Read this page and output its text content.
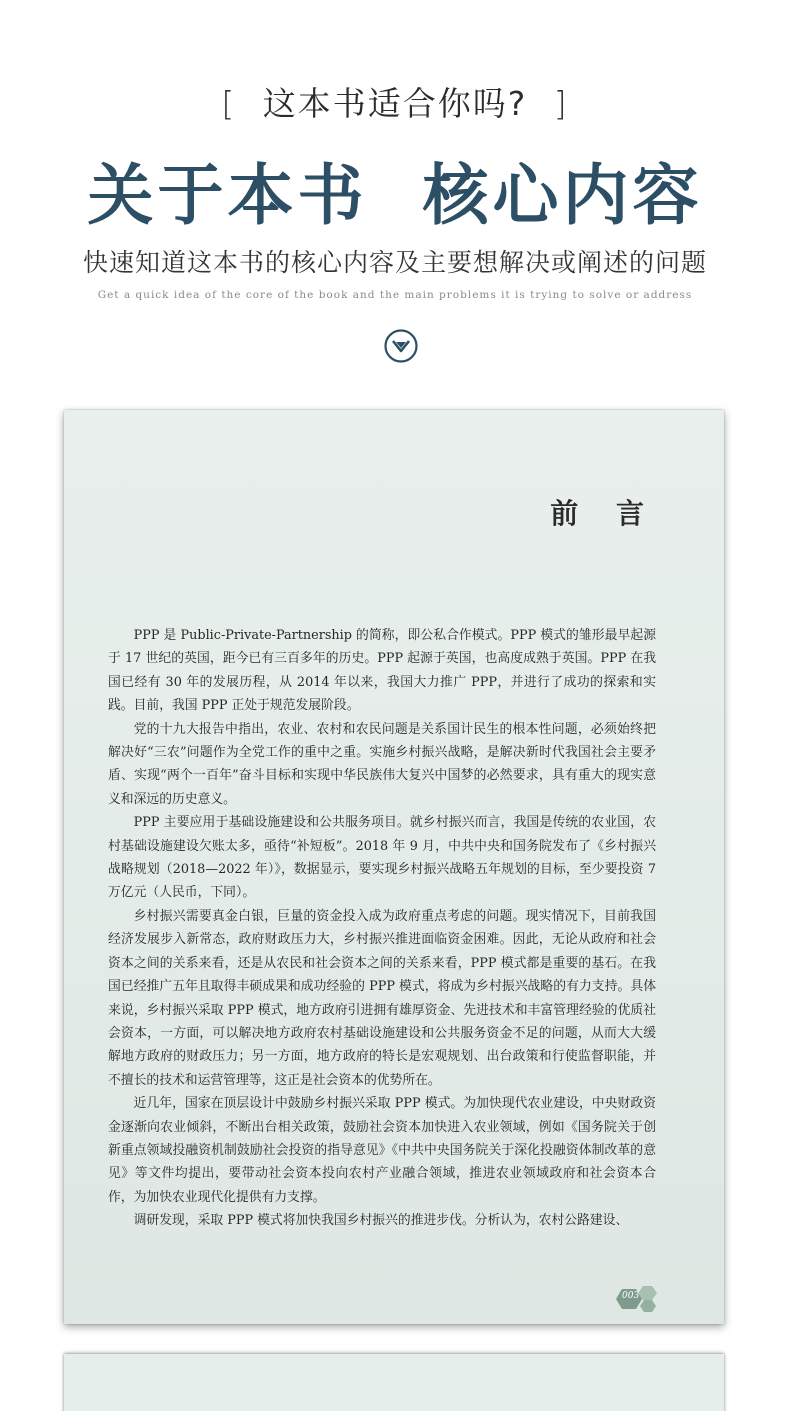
[ 这本书适合你吗? ]
关于本书 核心内容
快速知道这本书的核心内容及主要想解决或阐述的问题
Get a quick idea of the core of the book and the main problems it is trying to solve or address
前 言

PPP 是 Public-Private-Partnership 的简称，即公私合作模式。PPP 模式的雏形最早起源于 17 世纪的英国，距今已有三百多年的历史。PPP 起源于英国，也高度成熟于英国。PPP 在我国已经有 30 年的发展历程，从 2014 年以来，我国大力推广 PPP，并进行了成功的探索和实践。目前，我国 PPP 正处于规范发展阶段。

党的十九大报告中指出，农业、农村和农民问题是关系国计民生的根本性问题，必须始终把解决好“三农”问题作为全党工作的重中之重。实施乡村振兴战略，是解决新时代我国社会主要矛盾、实现“两个一百年”奋斗目标和实现中华民族伟大复兴中国梦的必然要求，具有重大的现实意义和深远的历史意义。

PPP 主要应用于基础设施建设和公共服务项目。就乡村振兴而言，我国是传统的农业国，农村基础设施建设欠账太多，亟待“补短板”。2018 年 9 月，中共中央和国务院发布了《乡村振兴战略规划（2018—2022 年）》，数据显示，要实现乡村振兴战略五年规划的目标，至少要投资 7 万亿元（人民币，下同）。

乡村振兴需要真金白银，巨量的资金投入成为政府重点考虑的问题。现实情况下，目前我国经济发展步入新常态，政府财政压力大，乡村振兴推进面临资金困难。因此，无论从政府和社会资本之间的关系来看，还是从农民和社会资本之间的关系来看，PPP 模式都是重要的基石。在我国已经推广五年且取得丰硕成果和成功经验的 PPP 模式，将成为乡村振兴战略的有力支持。具体来说，乡村振兴采取 PPP 模式，地方政府引进拥有雄厚资金、先进技术和丰富管理经验的优质社会资本，一方面，可以解决地方政府农村基础设施建设和公共服务资金不足的问题，从而大大缓解地方政府的财政压力；另一方面，地方政府的特长是宏观规划、出台政策和行使监督职能，并不擅长的技术和运营管理等，这正是社会资本的优势所在。

近几年，国家在顶层设计中鼓励乡村振兴采取 PPP 模式。为加快现代农业建设，中央财政资金逐渐向农业倾斜，不断出台相关政策，鼓励社会资本加快进入农业领域，例如《国务院关于创新重点领域投融资机制鼓励社会投资的指导意见》《中共中央国务院关于深化投融资体制改革的意见》等文件均提出，要带动社会资本投向农村产业融合领域，推进农业领域政府和社会资本合作，为加快农业现代化提供有力支撑。

调研发现，采取 PPP 模式将加快我国乡村振兴的推进步伐。分析认为，农村公路建设、

003
